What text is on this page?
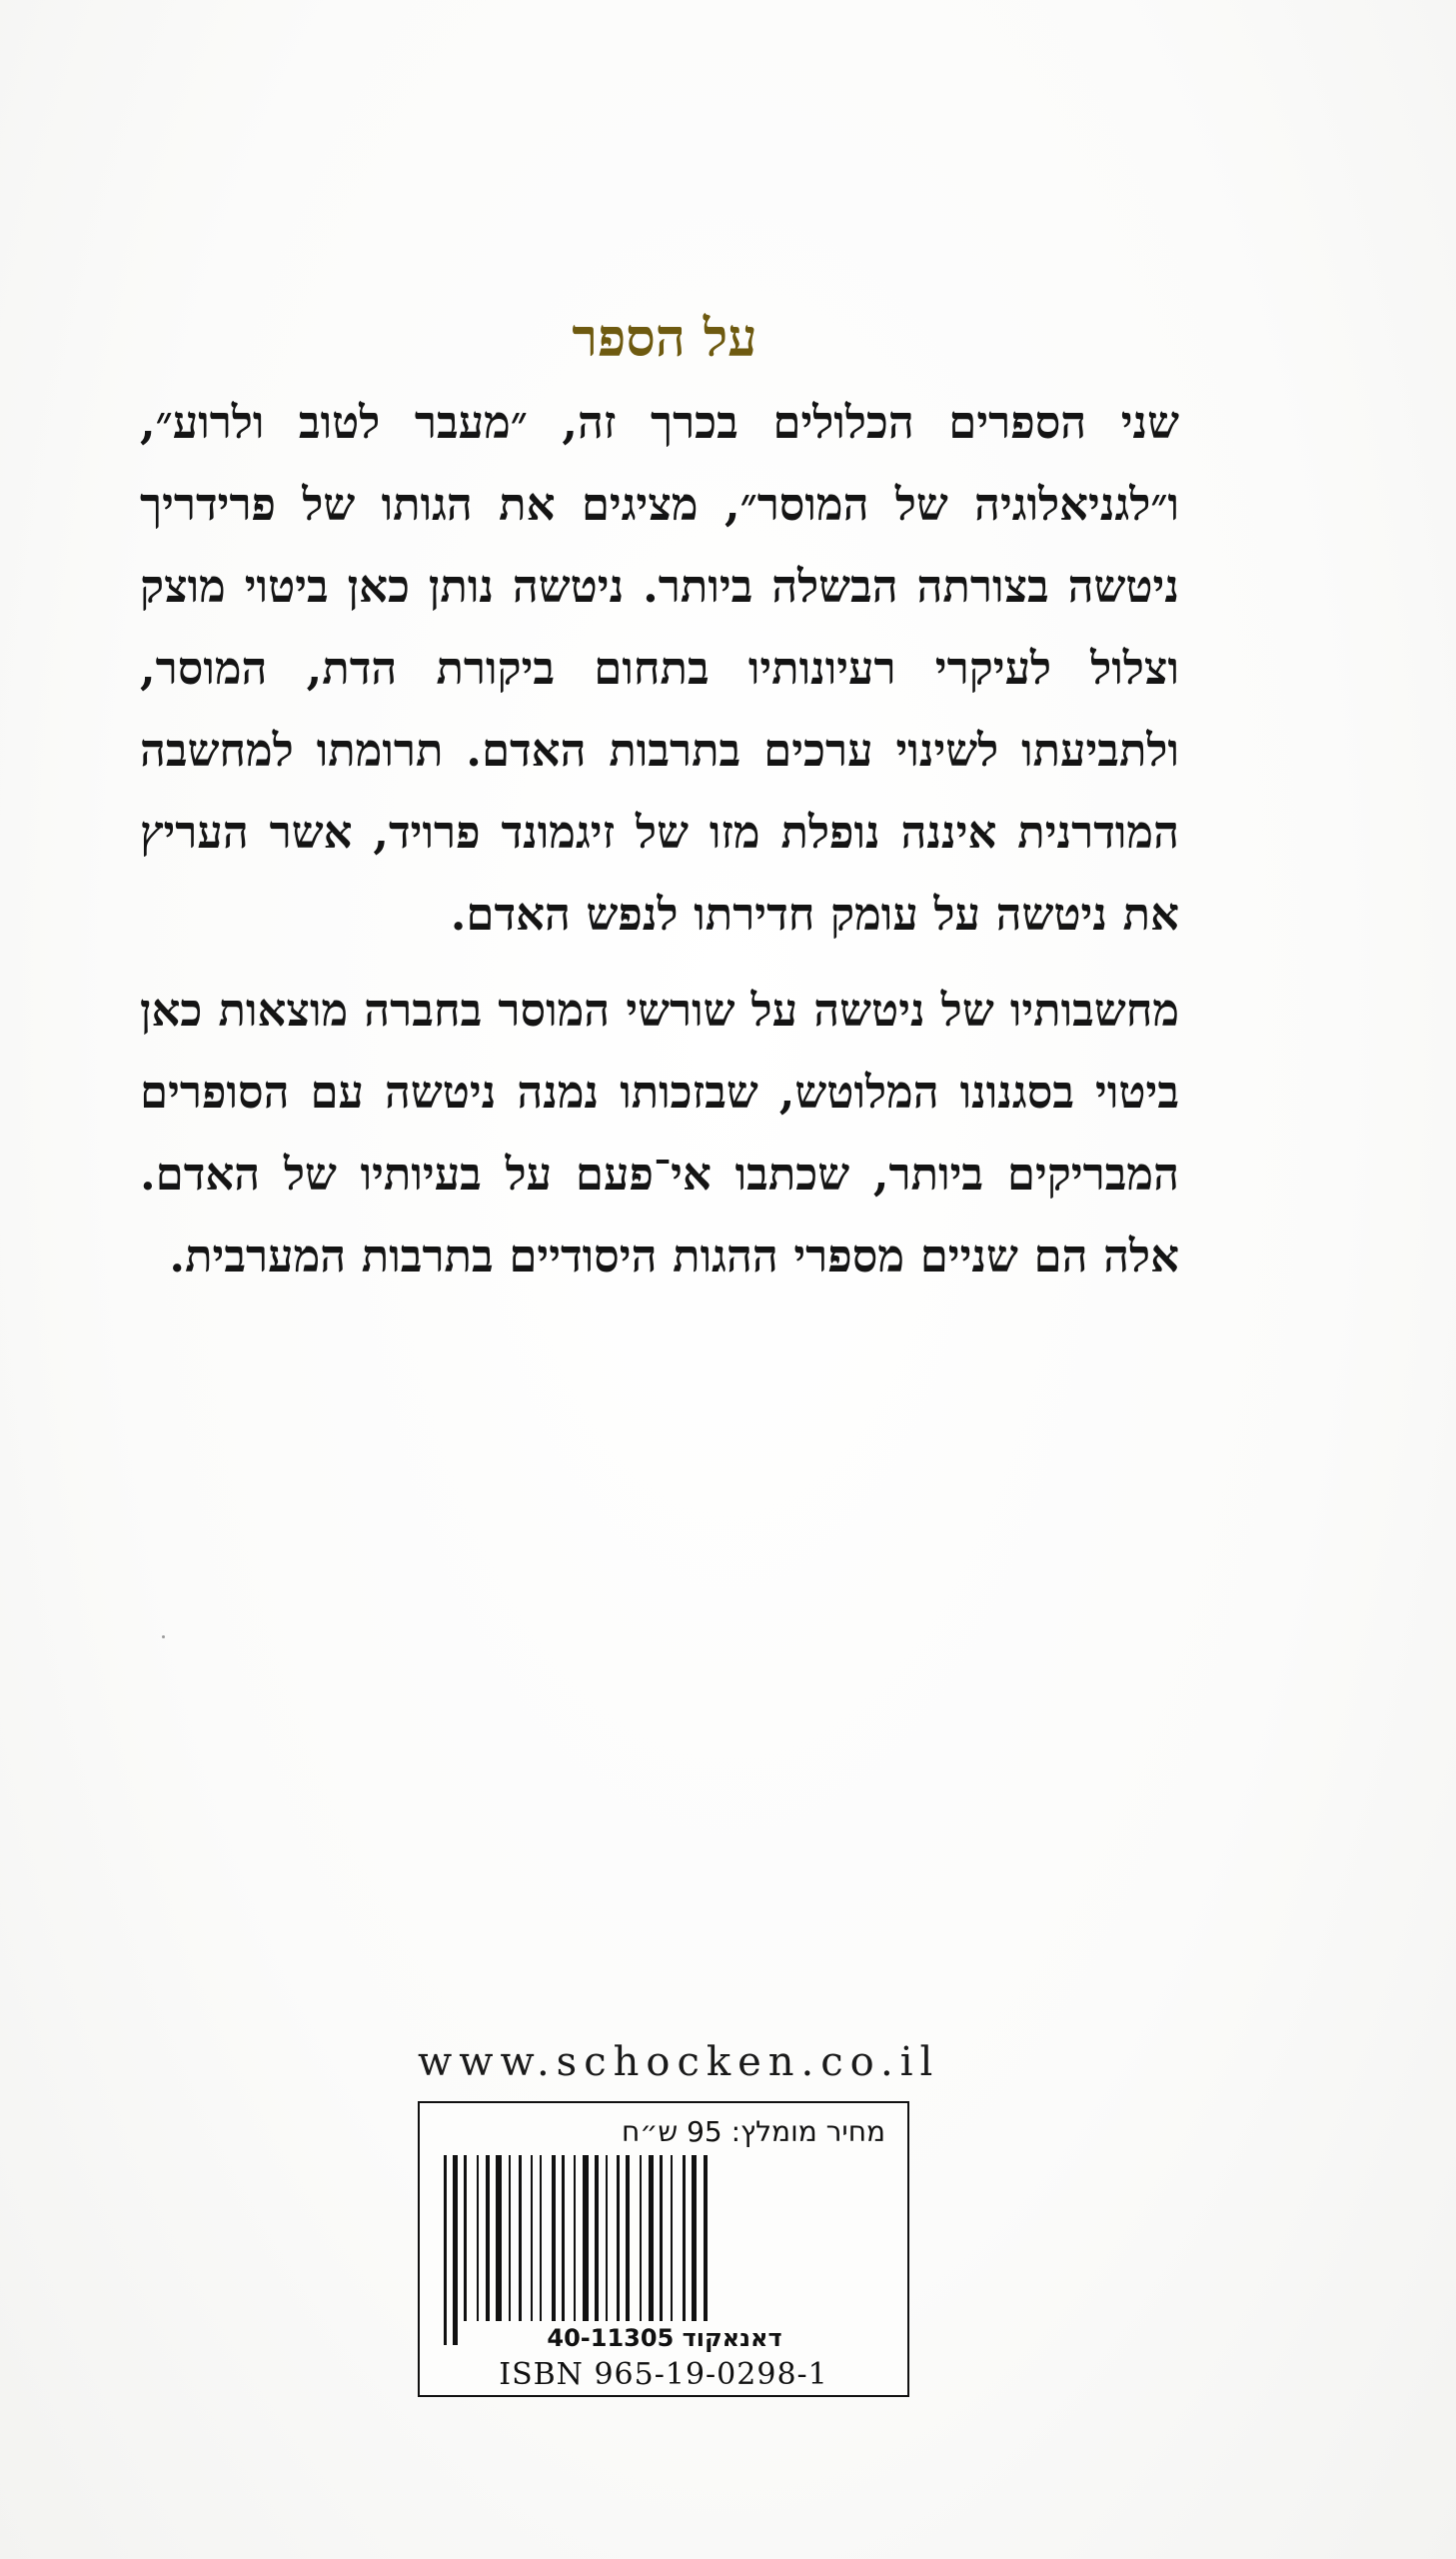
על הספר

שני הספרים הכלולים בכרך זה, ״מעבר לטוב ולרוע״, ו״לגניאלוגיה של המוסר״, מציגים את הגותו של פרידריך ניטשה בצורתה הבשלה ביותר. ניטשה נותן כאן ביטוי מוצק וצלול לעיקרי רעיונותיו בתחום ביקורת הדת, המוסר, ולתביעתו לשינוי ערכים בתרבות האדם. תרומתו למחשבה המודרנית איננה נופלת מזו של זיגמונד פרויד, אשר העריץ את ניטשה על עומק חדירתו לנפש האדם.

מחשבותיו של ניטשה על שורשי המוסר בחברה מוצאות כאן ביטוי בסגנונו המלוטש, שבזכותו נמנה ניטשה עם הסופרים המבריקים ביותר, שכתבו אי־פעם על בעיותיו של האדם. אלה הם שניים מספרי ההגות היסודיים בתרבות המערבית.

www.schocken.co.il
מחיר מומלץ: 95 ש״ח
דאנאקוד 40-11305
ISBN 965-19-0298-1
